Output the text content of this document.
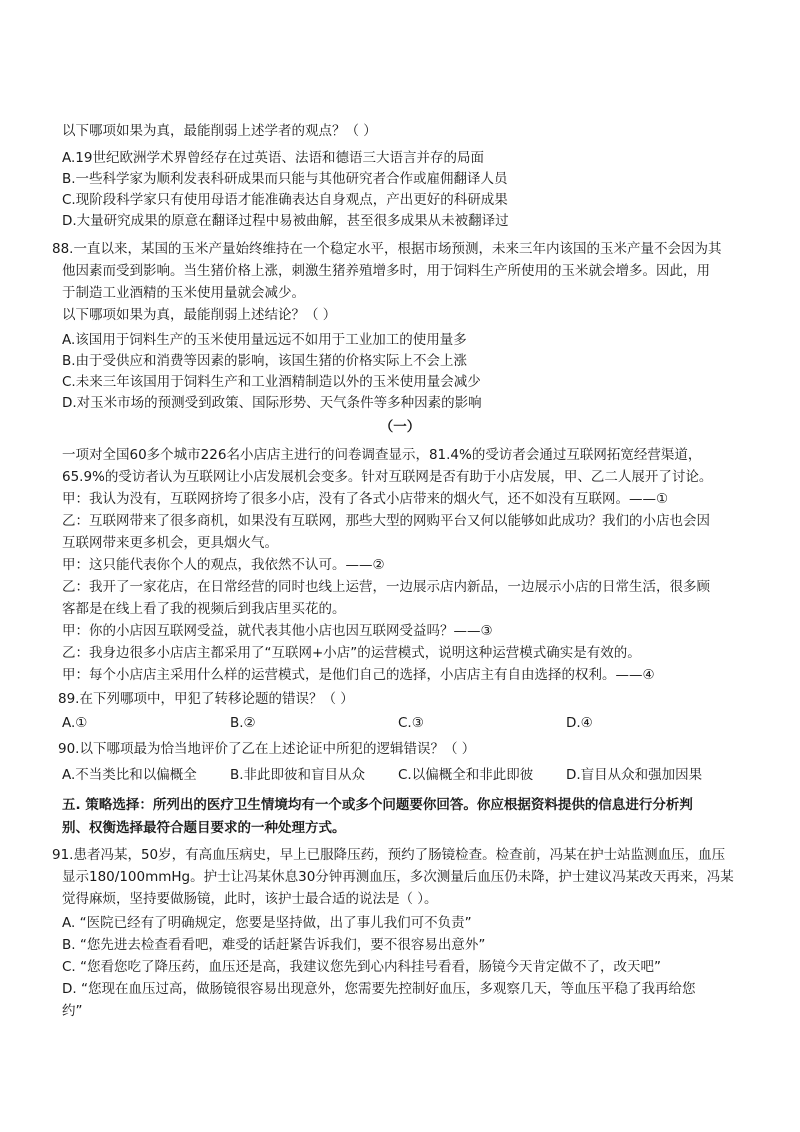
以下哪项如果为真，最能削弱上述学者的观点？（ ）
A.19世纪欧洲学术界曾经存在过英语、法语和德语三大语言并存的局面
B.一些科学家为顺利发表科研成果而只能与其他研究者合作或雇佣翻译人员
C.现阶段科学家只有使用母语才能准确表达自身观点，产出更好的科研成果
D.大量研究成果的原意在翻译过程中易被曲解，甚至很多成果从未被翻译过
88.一直以来，某国的玉米产量始终维持在一个稳定水平，根据市场预测，未来三年内该国的玉米产量不会因为其
他因素而受到影响。当生猪价格上涨，刺激生猪养殖增多时，用于饲料生产所使用的玉米就会增多。因此，用
于制造工业酒精的玉米使用量就会减少。
以下哪项如果为真，最能削弱上述结论？（ ）
A.该国用于饲料生产的玉米使用量远远不如用于工业加工的使用量多
B.由于受供应和消费等因素的影响，该国生猪的价格实际上不会上涨
C.未来三年该国用于饲料生产和工业酒精制造以外的玉米使用量会减少
D.对玉米市场的预测受到政策、国际形势、天气条件等多种因素的影响
（一）
一项对全国60多个城市226名小店店主进行的问卷调查显示，81.4%的受访者会通过互联网拓宽经营渠道，
65.9%的受访者认为互联网让小店发展机会变多。针对互联网是否有助于小店发展，甲、乙二人展开了讨论。
甲：我认为没有，互联网挤垮了很多小店，没有了各式小店带来的烟火气，还不如没有互联网。——①
乙：互联网带来了很多商机，如果没有互联网，那些大型的网购平台又何以能够如此成功？我们的小店也会因
互联网带来更多机会，更具烟火气。
甲：这只能代表你个人的观点，我依然不认可。——②
乙：我开了一家花店，在日常经营的同时也线上运营，一边展示店内新品，一边展示小店的日常生活，很多顾
客都是在线上看了我的视频后到我店里买花的。
甲：你的小店因互联网受益，就代表其他小店也因互联网受益吗？——③
乙：我身边很多小店店主都采用了“互联网+小店”的运营模式，说明这种运营模式确实是有效的。
甲：每个小店店主采用什么样的运营模式，是他们自己的选择，小店店主有自由选择的权利。——④
89.在下列哪项中，甲犯了转移论题的错误？（ ）
A.①	B.②	C.③	D.④
90.以下哪项最为恰当地评价了乙在上述论证中所犯的逻辑错误？（ ）
A.不当类比和以偏概全 B.非此即彼和盲目从众 C.以偏概全和非此即彼 D.盲目从众和强加因果
五. 策略选择：所列出的医疗卫生情境均有一个或多个问题要你回答。你应根据资料提供的信息进行分析判
别、权衡选择最符合题目要求的一种处理方式。
91.患者冯某，50岁，有高血压病史，早上已服降压药，预约了肠镜检查。检查前，冯某在护士站监测血压，血压
显示180/100mmHg。护士让冯某休息30分钟再测血压，多次测量后血压仍未降，护士建议冯某改天再来，冯某
觉得麻烦，坚持要做肠镜，此时，该护士最合适的说法是（ ）。
A. “医院已经有了明确规定，您要是坚持做，出了事儿我们可不负责”
B. “您先进去检查看看吧，难受的话赶紧告诉我们，要不很容易出意外”
C. “您看您吃了降压药，血压还是高，我建议您先到心内科挂号看看，肠镜今天肯定做不了，改天吧”
D. “您现在血压过高，做肠镜很容易出现意外，您需要先控制好血压，多观察几天，等血压平稳了我再给您
约”
